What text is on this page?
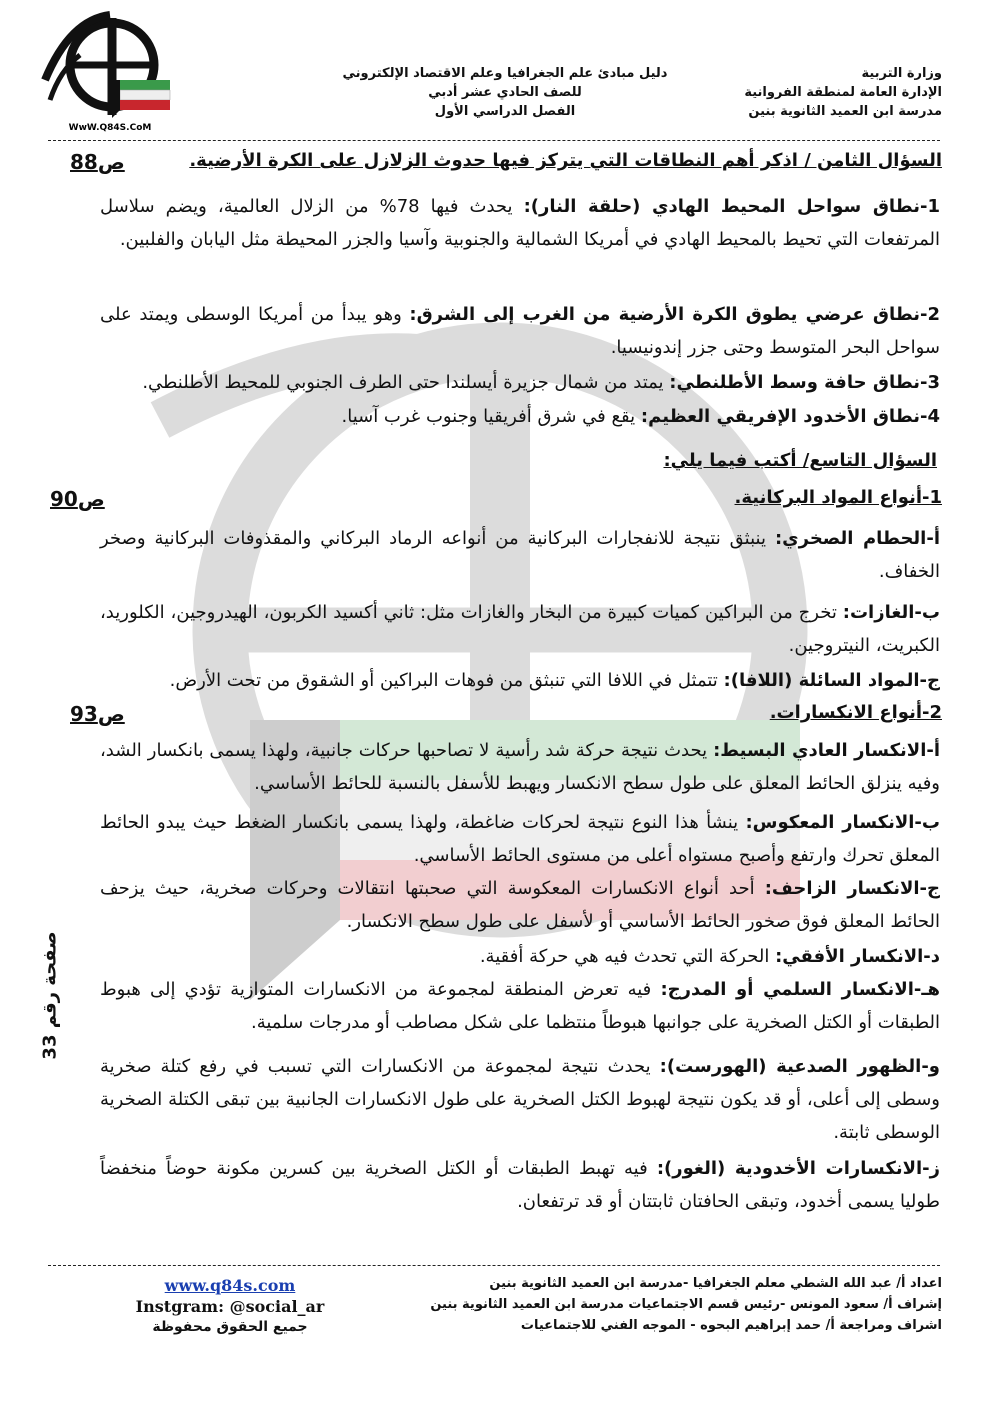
WwW.Q84S.CoM
وزارة التربية
الإدارة العامة لمنطقة الفروانية
مدرسة ابن العميد الثانوية بنين
دليل مبادئ علم الجغرافيا وعلم الاقتصاد الإلكتروني
للصف الحادي عشر أدبي
الفصل الدراسي الأول
السؤال الثامن / اذكر أهم النطاقات التي يتركز فيها حدوث الزلازل على الكرة الأرضية.
ص88
1-نطاق سواحل المحيط الهادي (حلقة النار): يحدث فيها 78% من الزلال العالمية، ويضم سلاسل المرتفعات التي تحيط بالمحيط الهادي في أمريكا الشمالية والجنوبية وآسيا والجزر المحيطة مثل اليابان والفلبين.
2-نطاق عرضي يطوق الكرة الأرضية من الغرب إلى الشرق: وهو يبدأ من أمريكا الوسطى ويمتد على سواحل البحر المتوسط وحتى جزر إندونيسيا.
3-نطاق حافة وسط الأطلنطي: يمتد من شمال جزيرة أيسلندا حتى الطرف الجنوبي للمحيط الأطلنطي.
4-نطاق الأخدود الإفريقي العظيم: يقع في شرق أفريقيا وجنوب غرب آسيا.
السؤال التاسع/ أكتب فيما يلي:
1-أنواع المواد البركانية.
ص90
أ-الحطام الصخري: ينبثق نتيجة للانفجارات البركانية من أنواعه الرماد البركاني والمقذوفات البركانية وصخر الخفاف.
ب-الغازات: تخرج من البراكين كميات كبيرة من البخار والغازات مثل: ثاني أكسيد الكربون، الهيدروجين، الكلوريد، الكبريت، النيتروجين.
ج-المواد السائلة (اللافا): تتمثل في اللافا التي تنبثق من فوهات البراكين أو الشقوق من تحت الأرض.
2-أنواع الانكسارات.
ص93
أ-الانكسار العادي البسيط: يحدث نتيجة حركة شد رأسية لا تصاحبها حركات جانبية، ولهذا يسمى بانكسار الشد، وفيه ينزلق الحائط المعلق على طول سطح الانكسار ويهبط للأسفل بالنسبة للحائط الأساسي.
ب-الانكسار المعكوس: ينشأ هذا النوع نتيجة لحركات ضاغطة، ولهذا يسمى بانكسار الضغط حيث يبدو الحائط المعلق تحرك وارتفع وأصبح مستواه أعلى من مستوى الحائط الأساسي.
ج-الانكسار الزاحف: أحد أنواع الانكسارات المعكوسة التي صحبتها انتقالات وحركات صخرية، حيث يزحف الحائط المعلق فوق صخور الحائط الأساسي أو لأسفل على طول سطح الانكسار.
د-الانكسار الأفقي: الحركة التي تحدث فيه هي حركة أفقية.
هـ-الانكسار السلمي أو المدرج: فيه تعرض المنطقة لمجموعة من الانكسارات المتوازية تؤدي إلى هبوط الطبقات أو الكتل الصخرية على جوانبها هبوطاً منتظما على شكل مصاطب أو مدرجات سلمية.
و-الظهور الصدعية (الهورست): يحدث نتيجة لمجموعة من الانكسارات التي تسبب في رفع كتلة صخرية وسطى إلى أعلى، أو قد يكون نتيجة لهبوط الكتل الصخرية على طول الانكسارات الجانبية بين تبقى الكتلة الصخرية الوسطى ثابتة.
ز-الانكسارات الأخدودية (الغور): فيه تهبط الطبقات أو الكتل الصخرية بين كسرين مكونة حوضاً منخفضاً طوليا يسمى أخدود، وتبقى الحافتان ثابتتان أو قد ترتفعان.
صفحة رقم 33
اعداد أ/ عبد الله الشطي معلم الجغرافيا -مدرسة ابن العميد الثانوية بنين
إشراف أ/ سعود المونس -رئيس قسم الاجتماعيات مدرسة ابن العميد الثانوية بنين
اشراف ومراجعة أ/ حمد إبراهيم البحوه - الموجه الفني للاجتماعيات
www.q84s.com
Instgram: @social_ar
جميع الحقوق محفوظة
